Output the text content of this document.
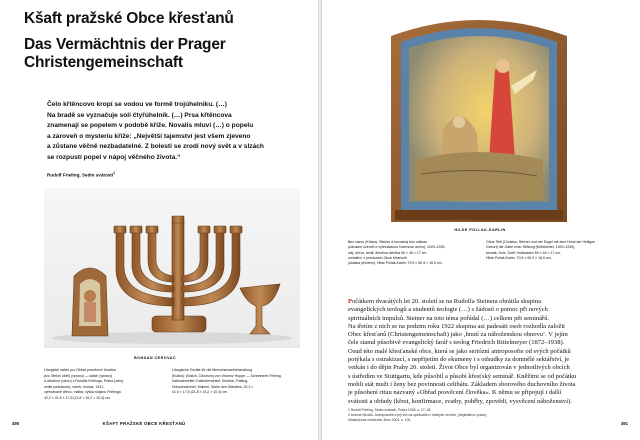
Kšaft pražské Obce křesťanů
Das Vermächtnis der Prager Christengemeinschaft
Čelo křtěncovo kropí se vodou ve formě trojúhelníku. (…)
Na bradě se vyznačuje solí čtyřúhelník. (…) Prsa křtěncova
znamenají se popelem v podobě kříže. Novalis mluví (…) o popelu
a zároveň o mysteriu kříže: „Největší tajemství jest všem zjeveno
a zůstane věčně nezbadatelné. Z bolesti se zrodí nový svět a v slzách
se rozpustí popel v nápoj věčného života.“
Rudolf Frieling, Sedm svátostí$^1$
BOHDAN CEROVAC
Liturgické náčiní pro Obřad posvěcení člověka
(tzv. Mešní oběť) (vpravo) — kalich (vpravo)
a cibořium (vlevo) z Rudolfa Frielinga, Praha (zdroj:
vedle podstavce), návrh, mosaz, 1931,
vyřezávané dřevo, malba; výška stojanu Frielinga
42,2 × 41,5 × 17,5 (21,8 × 15,2 × 10,4) cm.
Liturgische Geräte für die Menschenweihehandlung
(Kultus): (Kalich, Ciborium) von Vincenz Hoppe — Schreinerei Frieling,
Kalenderzettel, Kalenderwinkel, Kristina, Frieling,
Holzschnitzerei, Malerei, Maße des Ständers: 42,2 ×
41,5 × 17,5 (21,8 × 15,2 × 10,4) cm.
490	KŠAFT PRAŽSKÉ OBCE KŘESŤANŮ
HILDE POLLAK-KARLIN
Bez názvu (Kristus, Steiner a neznámý bez odkazu
pokusem učenců o vyřezávanou Noemovu archu), 1929–1930,
olej, dřevo, textil; dřevěná skříňka 59 × 45 × 17 cm
umístění: v prostorách Obce křesťanů
(ukázka přečtení). Hilde Pollak-Karlin: 70,9 × 60,9 × 16,5 cm.
Ohne Titel (Christus, Steiner und der Engel mit dem Hund der Heiligen
Geburt) die Gabe einer Stiftung (Mühlviertel, 1929–1930),
bemalt, Holz, Stoff; Holzkasten 59 × 45 × 17 cm,
Hilde Pollak-Karlin, 70,9 × 60,9 × 16,5 cm.
Počátkem dvacátých let 20. století se na Rudolfa Steinera obrátila skupina
evangelických teologů a studentů teologie (…) s žádostí o pomoc při nových
spirituálních impulsů. Steiner na toto téma pořádal (…) celkem pět seminářů.
Na třetím z nich se na podzim roku 1922 skupina asi padesáti osob rozhodla založit
Obec křesťanů (Christengemeinschaft) jako ‚hnutí za náboženskou obnovu‘. V jejím
čele stanul působivě evangelický farář s teolog Friedrich Rittelmeyer (1872–1938).
Osud této malé křesťanské obce, která se jako seriózní antroposofie od svých počátků
potýkala s ostrakizací, s nepřijetím do ekumeny i s odsudky za domnělé sektářství, je
vetkán i do dějin Prahy 20. století. Život Obce byl organizován v jednotlivých obcích
s ústředím ve Stuttgartu, kde působil a působí křesťský seminář. Kněžími se od počátku
mohli stát muži i ženy bez povinnosti celibátu. Základem sborového duchovního života
je působení rituu nazvaný »Obřad posvěcení člověka«. K němu se připojují i další
svátosti a obřady (křest, konfirmace, svatby, pohřby, zpovědi, vysvěcení náboženství).
1 Rudolf Frieling, Sedm svátostí, Praha 1936, s. 27–28.
2 Antonín Brožík, Antroposofie a její vliv na spiritualitu v českých zemích, (ilegislativní práce),
Masarykova univerzita, Brno 2004, s. 100.
491
